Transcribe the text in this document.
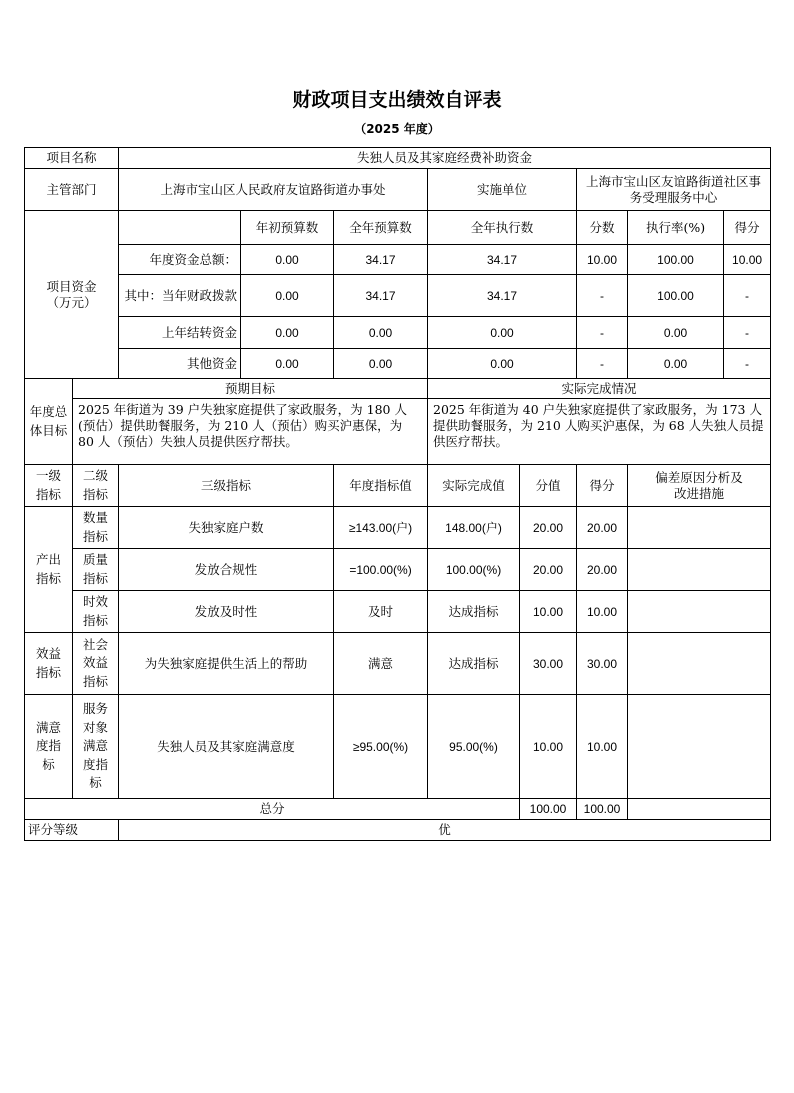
财政项目支出绩效自评表
（2025 年度）
项目名称		失独人员及其家庭经费补助资金							
主管部门		上海市宝山区人民政府友谊路街道办事处			实施单位		上海市宝山区友谊路街道社区事务受理服务中心		
项目资金（万元）			年初预算数	全年预算数	全年执行数		分数	执行率(%)	得分
		年度资金总额：	0.00	34.17	34.17		10.00	100.00	10.00
		其中：当年财政拨款	0.00	34.17	34.17		-	100.00	-
		上年结转资金	0.00	0.00	0.00		-	0.00	-
		其他资金	0.00	0.00	0.00		-	0.00	-
年度总体目标	预期目标				实际完成情况				
	2025 年街道为 39 户失独家庭提供了家政服务，为 180 人(预估）提供助餐服务，为 210 人（预估）购买沪惠保，为 80 人（预估）失独人员提供医疗帮扶。				2025 年街道为 40 户失独家庭提供了家政服务，为 173 人提供助餐服务，为 210 人购买沪惠保，为 68 人失独人员提供医疗帮扶。				
一级指标	二级指标	三级指标		年度指标值	实际完成值	分值	得分	偏差原因分析及改进措施	
产出指标	数量指标	失独家庭户数		≥143.00(户)	148.00(户)	20.00	20.00		
	质量指标	发放合规性		=100.00(%)	100.00(%)	20.00	20.00		
	时效指标	发放及时性		及时	达成指标	10.00	10.00		
效益指标	社会效益指标	为失独家庭提供生活上的帮助		满意	达成指标	30.00	30.00		
满意度指标	服务对象满意度指标	失独人员及其家庭满意度		≥95.00(%)	95.00(%)	10.00	10.00		
总分						100.00	100.00		
评分等级		优							
